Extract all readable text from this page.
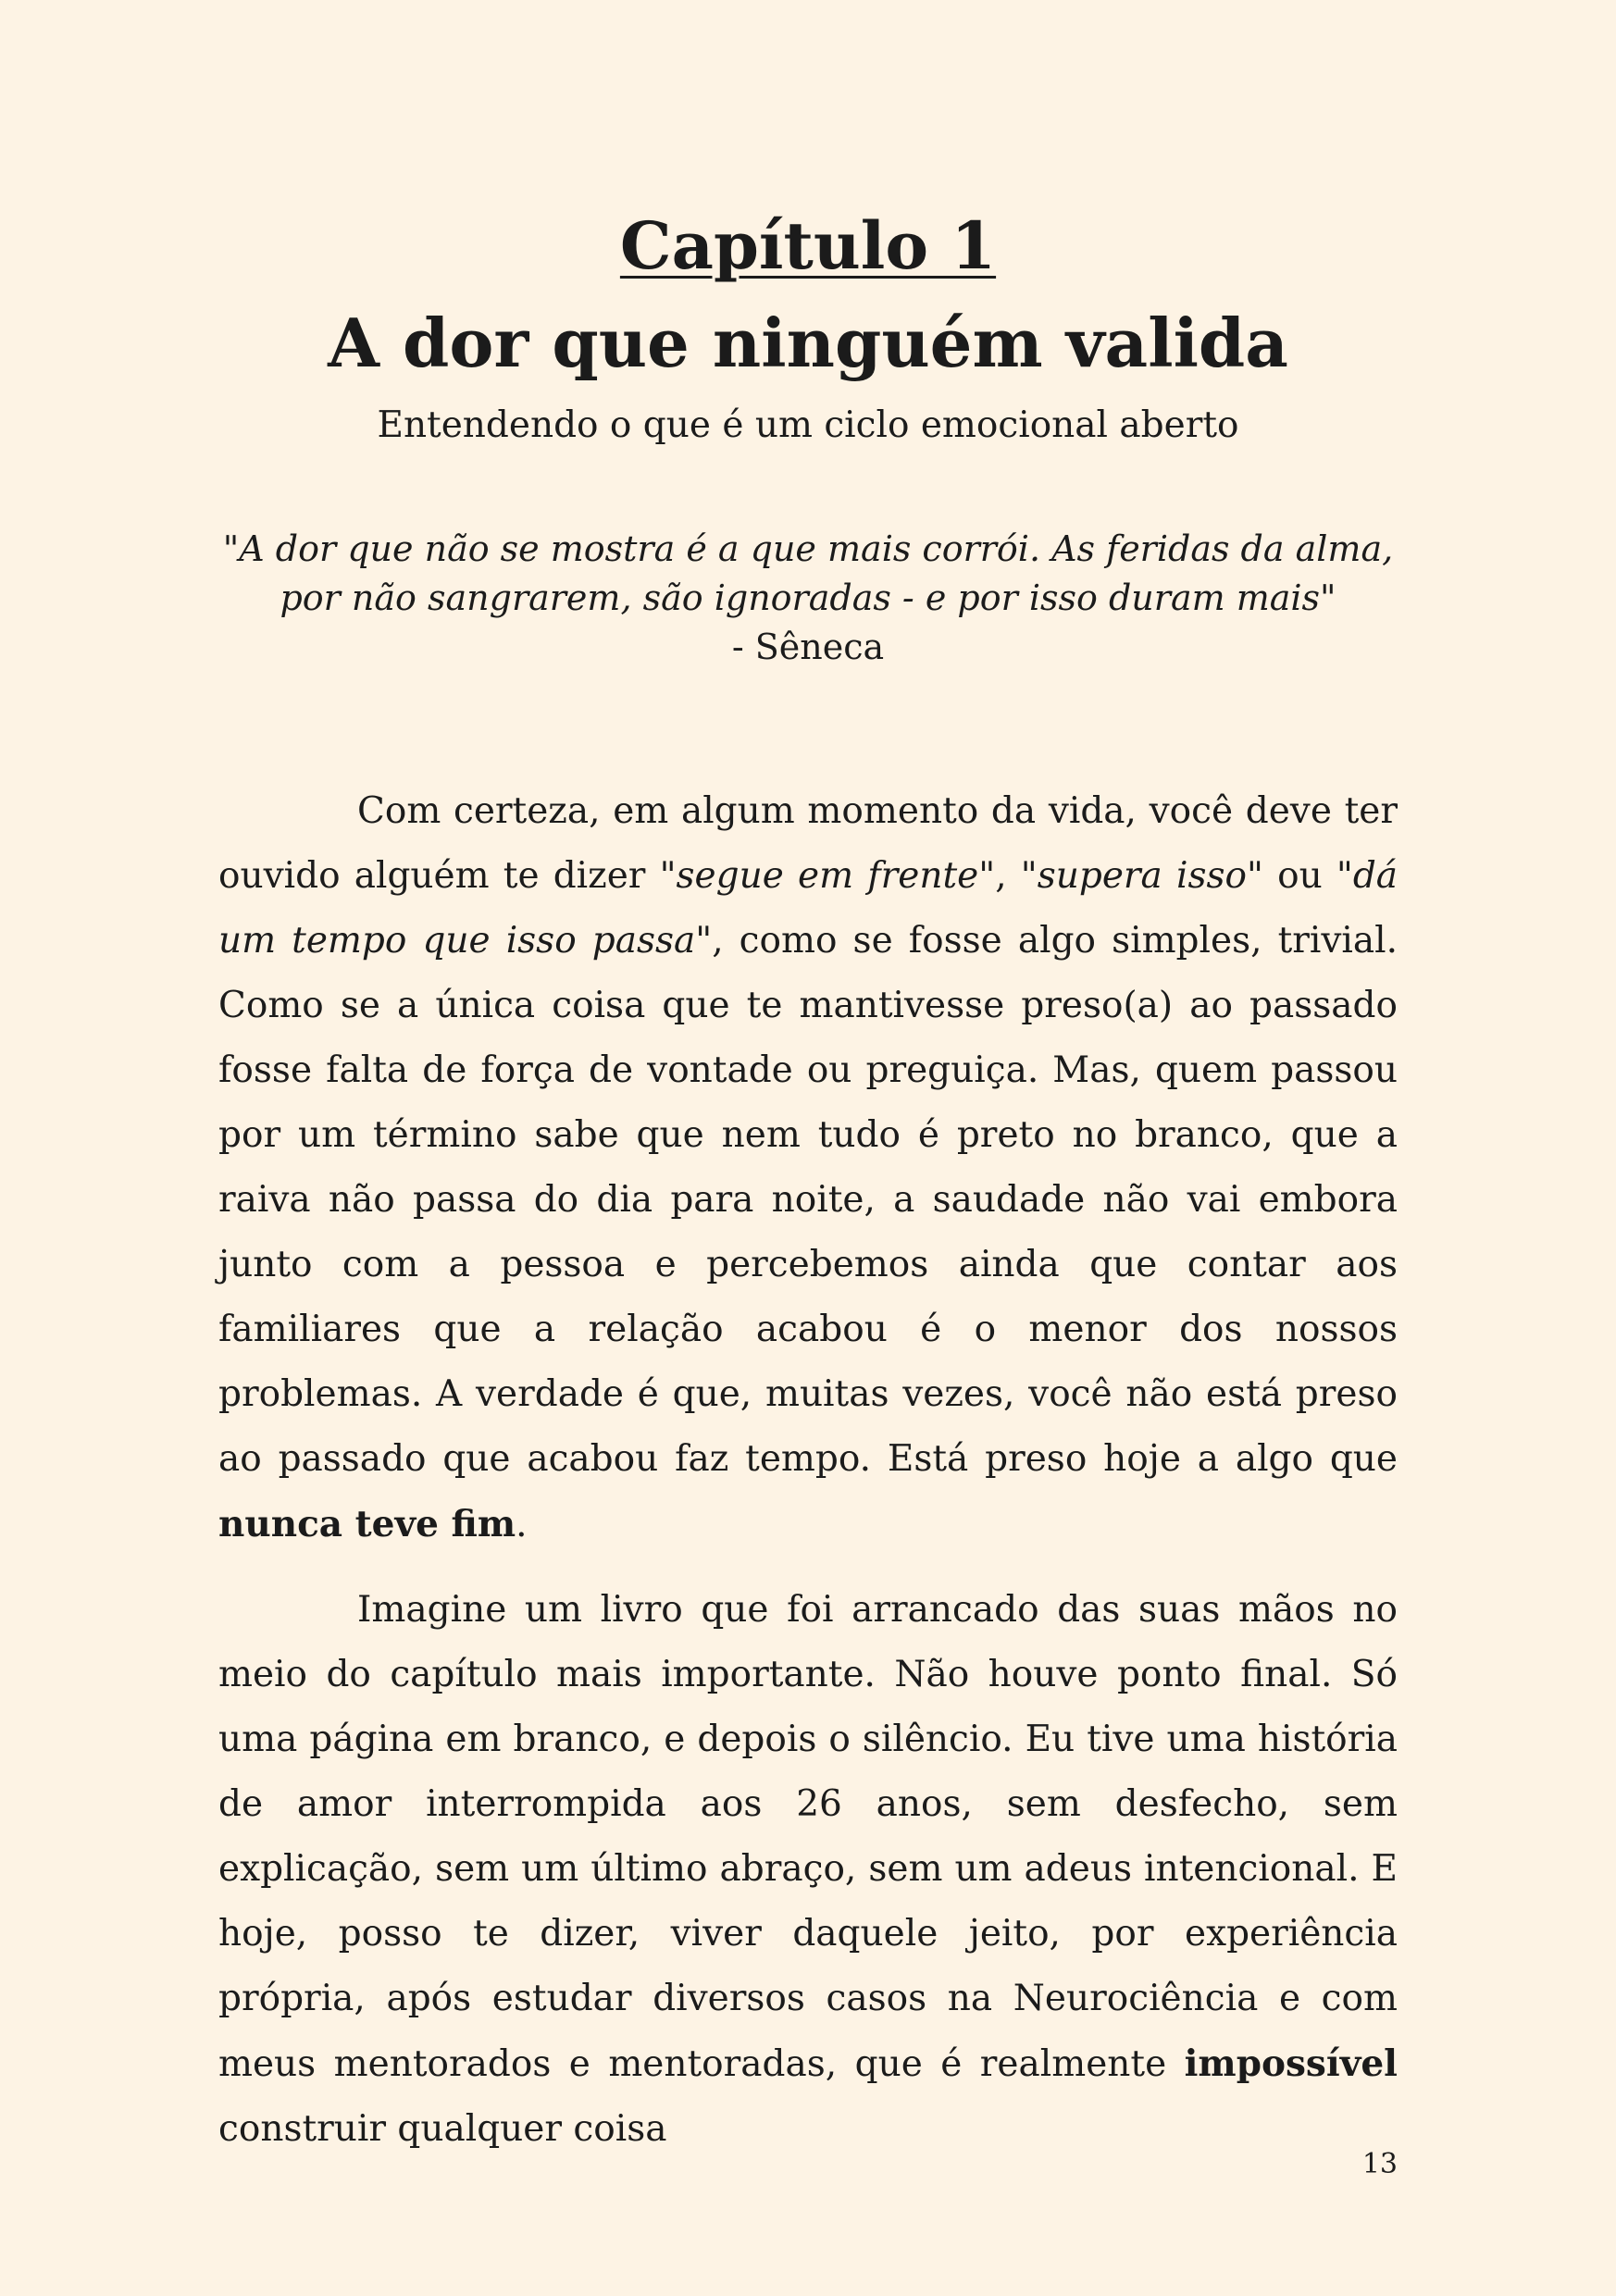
Capítulo 1
A dor que ninguém valida
Entendendo o que é um ciclo emocional aberto
"A dor que não se mostra é a que mais corrói. As feridas da alma, por não sangrarem, são ignoradas - e por isso duram mais"
- Sêneca

Com certeza, em algum momento da vida, você deve ter ouvido alguém te dizer "segue em frente", "supera isso" ou "dá um tempo que isso passa", como se fosse algo simples, trivial. Como se a única coisa que te mantivesse preso(a) ao passado fosse falta de força de vontade ou preguiça. Mas, quem passou por um término sabe que nem tudo é preto no branco, que a raiva não passa do dia para noite, a saudade não vai embora junto com a pessoa e percebemos ainda que contar aos familiares que a relação acabou é o menor dos nossos problemas. A verdade é que, muitas vezes, você não está preso ao passado que acabou faz tempo. Está preso hoje a algo que nunca teve fim.

Imagine um livro que foi arrancado das suas mãos no meio do capítulo mais importante. Não houve ponto final. Só uma página em branco, e depois o silêncio. Eu tive uma história de amor interrompida aos 26 anos, sem desfecho, sem explicação, sem um último abraço, sem um adeus intencional. E hoje, posso te dizer, viver daquele jeito, por experiência própria, após estudar diversos casos na Neurociência e com meus mentorados e mentoradas, que é realmente impossível construir qualquer coisa

13
